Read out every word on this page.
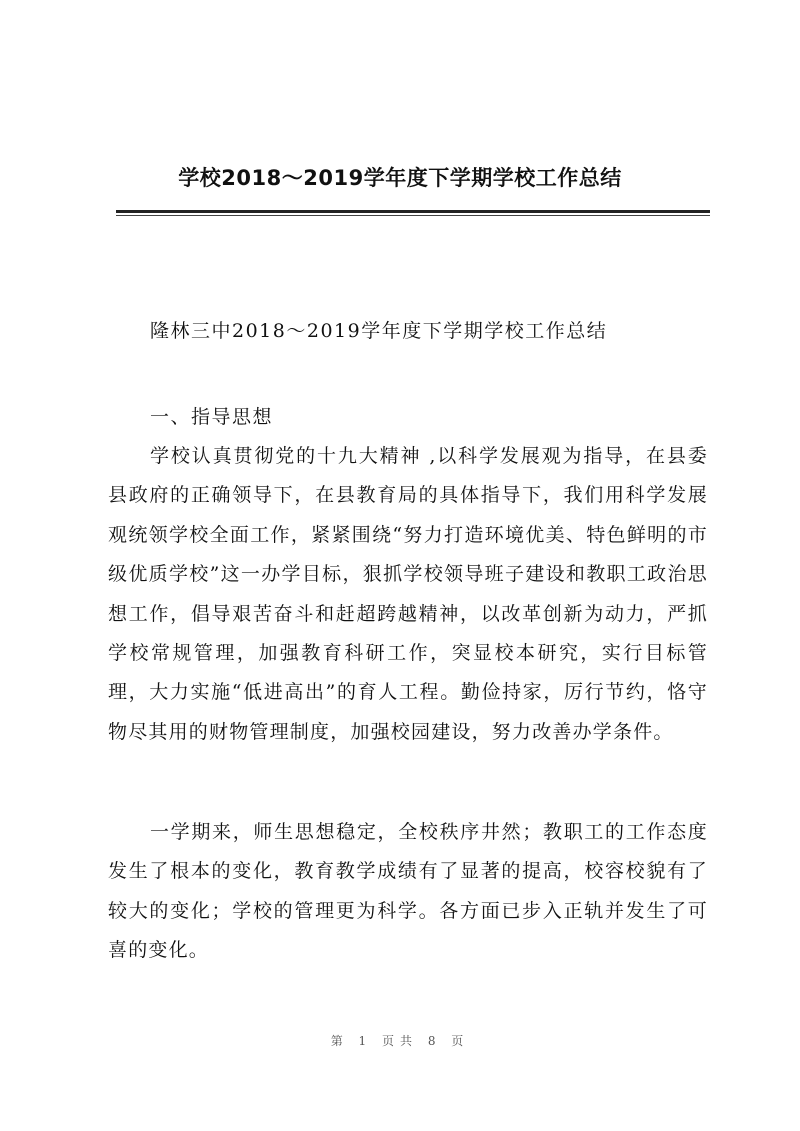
学校2018～2019学年度下学期学校工作总结

隆林三中2018～2019学年度下学期学校工作总结

一、指导思想

学校认真贯彻党的十九大精神 ,以科学发展观为指导，在县委县政府的正确领导下，在县教育局的具体指导下，我们用科学发展观统领学校全面工作，紧紧围绕“努力打造环境优美、特色鲜明的市级优质学校”这一办学目标，狠抓学校领导班子建设和教职工政治思想工作，倡导艰苦奋斗和赶超跨越精神，以改革创新为动力，严抓学校常规管理，加强教育科研工作，突显校本研究，实行目标管理，大力实施“低进高出”的育人工程。勤俭持家，厉行节约，恪守物尽其用的财物管理制度，加强校园建设，努力改善办学条件。

一学期来，师生思想稳定，全校秩序井然；教职工的工作态度发生了根本的变化，教育教学成绩有了显著的提高，校容校貌有了较大的变化；学校的管理更为科学。各方面已步入正轨并发生了可喜的变化。

第 1 页共 8 页
